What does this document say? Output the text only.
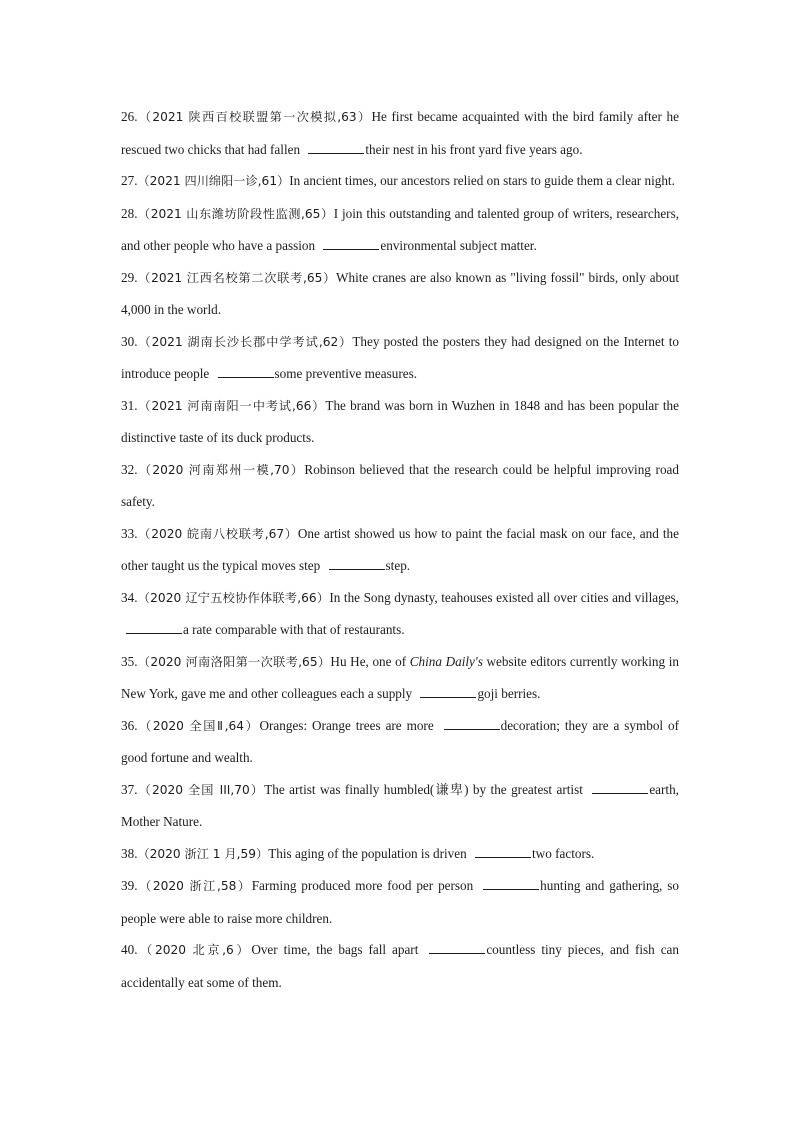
26.（2021 陕西百校联盟第一次模拟,63）He first became acquainted with the bird family after he rescued two chicks that had fallen	their nest in his front yard five years ago.
27.（2021 四川绵阳一诊,61）In ancient times, our ancestors relied on stars to guide them a clear night.
28.（2021 山东潍坊阶段性监测,65）I join this outstanding and talented group of writers, researchers, and other people who have a passion	environmental subject matter.
29.（2021 江西名校第二次联考,65）White cranes are also known as "living fossil" birds, only about 4,000 in the world.
30.（2021 湖南长沙长郡中学考试,62）They posted the posters they had designed on the Internet to introduce people	some preventive measures.
31.（2021 河南南阳一中考试,66）The brand was born in Wuzhen in 1848 and has been popular the distinctive taste of its duck products.
32.（2020 河南郑州一模,70）Robinson believed that the research could be helpful improving road safety.
33.（2020 皖南八校联考,67）One artist showed us how to paint the facial mask on our face, and the other taught us the typical moves step	step.
34.（2020 辽宁五校协作体联考,66）In the Song dynasty, teahouses existed all over cities and villages, a rate comparable with that of restaurants.
35.（2020 河南洛阳第一次联考,65）Hu He, one of China Daily's website editors currently working in New York, gave me and other colleagues each a supply	goji berries.
36.（2020 全国Ⅱ,64）Oranges: Orange trees are more	decoration; they are a symbol of good fortune and wealth.
37.（2020 全国 III,70）The artist was finally humbled(谦卑) by the greatest artist	earth, Mother Nature.
38.（2020 浙江 1 月,59）This aging of the population is driven	two factors.
39.（2020 浙江,58）Farming produced more food per person	hunting and gathering, so people were able to raise more children.
40.（2020 北京,6）Over time, the bags fall apart	countless tiny pieces, and fish can accidentally eat some of them.
